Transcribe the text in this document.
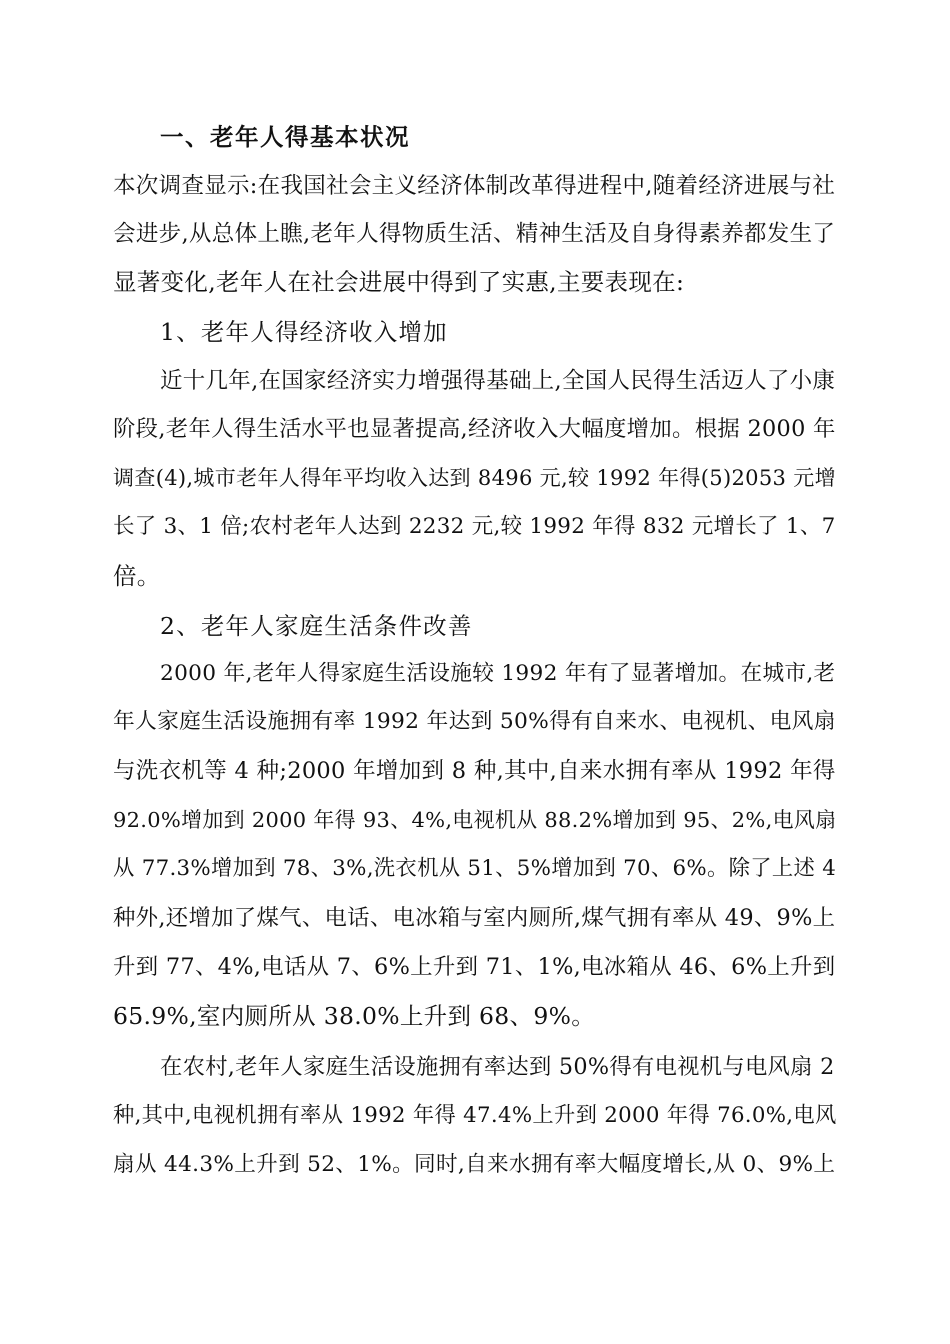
一、老年人得基本状况

本次调查显示:在我国社会主义经济体制改革得进程中,随着经济进展与社

会进步,从总体上瞧,老年人得物质生活、精神生活及自身得素养都发生了

显著变化,老年人在社会进展中得到了实惠,主要表现在:

1、老年人得经济收入增加

近十几年,在国家经济实力增强得基础上,全国人民得生活迈人了小康

阶段,老年人得生活水平也显著提高,经济收入大幅度增加。根据 2000 年

调查(4),城市老年人得年平均收入达到 8496 元,较 1992 年得(5)2053 元增

长了 3、1 倍;农村老年人达到 2232 元,较 1992 年得 832 元增长了 1、7

倍。

2、老年人家庭生活条件改善

2000 年,老年人得家庭生活设施较 1992 年有了显著增加。在城市,老

年人家庭生活设施拥有率 1992 年达到 50%得有自来水、电视机、电风扇

与洗衣机等 4 种;2000 年增加到 8 种,其中,自来水拥有率从 1992 年得

92.0%增加到 2000 年得 93、4%,电视机从 88.2%增加到 95、2%,电风扇

从 77.3%增加到 78、3%,洗衣机从 51、5%增加到 70、6%。除了上述 4

种外,还增加了煤气、电话、电冰箱与室内厕所,煤气拥有率从 49、9%上

升到 77、4%,电话从 7、6%上升到 71、1%,电冰箱从 46、6%上升到

65.9%,室内厕所从 38.0%上升到 68、9%。

在农村,老年人家庭生活设施拥有率达到 50%得有电视机与电风扇 2

种,其中,电视机拥有率从 1992 年得 47.4%上升到 2000 年得 76.0%,电风

扇从 44.3%上升到 52、1%。同时,自来水拥有率大幅度增长,从 0、9%上
